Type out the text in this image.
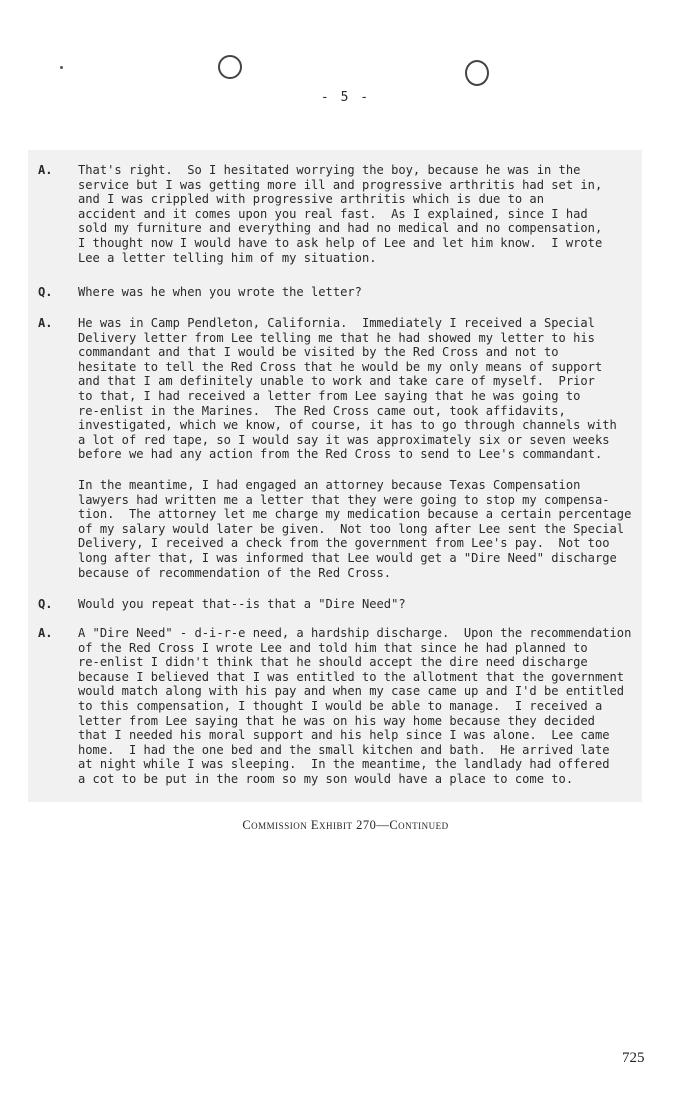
- 5 -
A. That's right.  So I hesitated worrying the boy, because he was in the
service but I was getting more ill and progressive arthritis had set in,
and I was crippled with progressive arthritis which is due to an
accident and it comes upon you real fast.  As I explained, since I had
sold my furniture and everything and had no medical and no compensation,
I thought now I would have to ask help of Lee and let him know.  I wrote
Lee a letter telling him of my situation.
Q. Where was he when you wrote the letter?
A. He was in Camp Pendleton, California.  Immediately I received a Special
Delivery letter from Lee telling me that he had showed my letter to his
commandant and that I would be visited by the Red Cross and not to
hesitate to tell the Red Cross that he would be my only means of support
and that I am definitely unable to work and take care of myself.  Prior
to that, I had received a letter from Lee saying that he was going to
re-enlist in the Marines.  The Red Cross came out, took affidavits,
investigated, which we know, of course, it has to go through channels with
a lot of red tape, so I would say it was approximately six or seven weeks
before we had any action from the Red Cross to send to Lee's commandant.
In the meantime, I had engaged an attorney because Texas Compensation
lawyers had written me a letter that they were going to stop my compensa-
tion.  The attorney let me charge my medication because a certain percentage
of my salary would later be given.  Not too long after Lee sent the Special
Delivery, I received a check from the government from Lee's pay.  Not too
long after that, I was informed that Lee would get a "Dire Need" discharge
because of recommendation of the Red Cross.
Q. Would you repeat that--is that a "Dire Need"?
A. A "Dire Need" - d-i-r-e need, a hardship discharge.  Upon the recommendation
of the Red Cross I wrote Lee and told him that since he had planned to
re-enlist I didn't think that he should accept the dire need discharge
because I believed that I was entitled to the allotment that the government
would match along with his pay and when my case came up and I'd be entitled
to this compensation, I thought I would be able to manage.  I received a
letter from Lee saying that he was on his way home because they decided
that I needed his moral support and his help since I was alone.  Lee came
home.  I had the one bed and the small kitchen and bath.  He arrived late
at night while I was sleeping.  In the meantime, the landlady had offered
a cot to be put in the room so my son would have a place to come to.
Commission Exhibit 270—Continued
725
